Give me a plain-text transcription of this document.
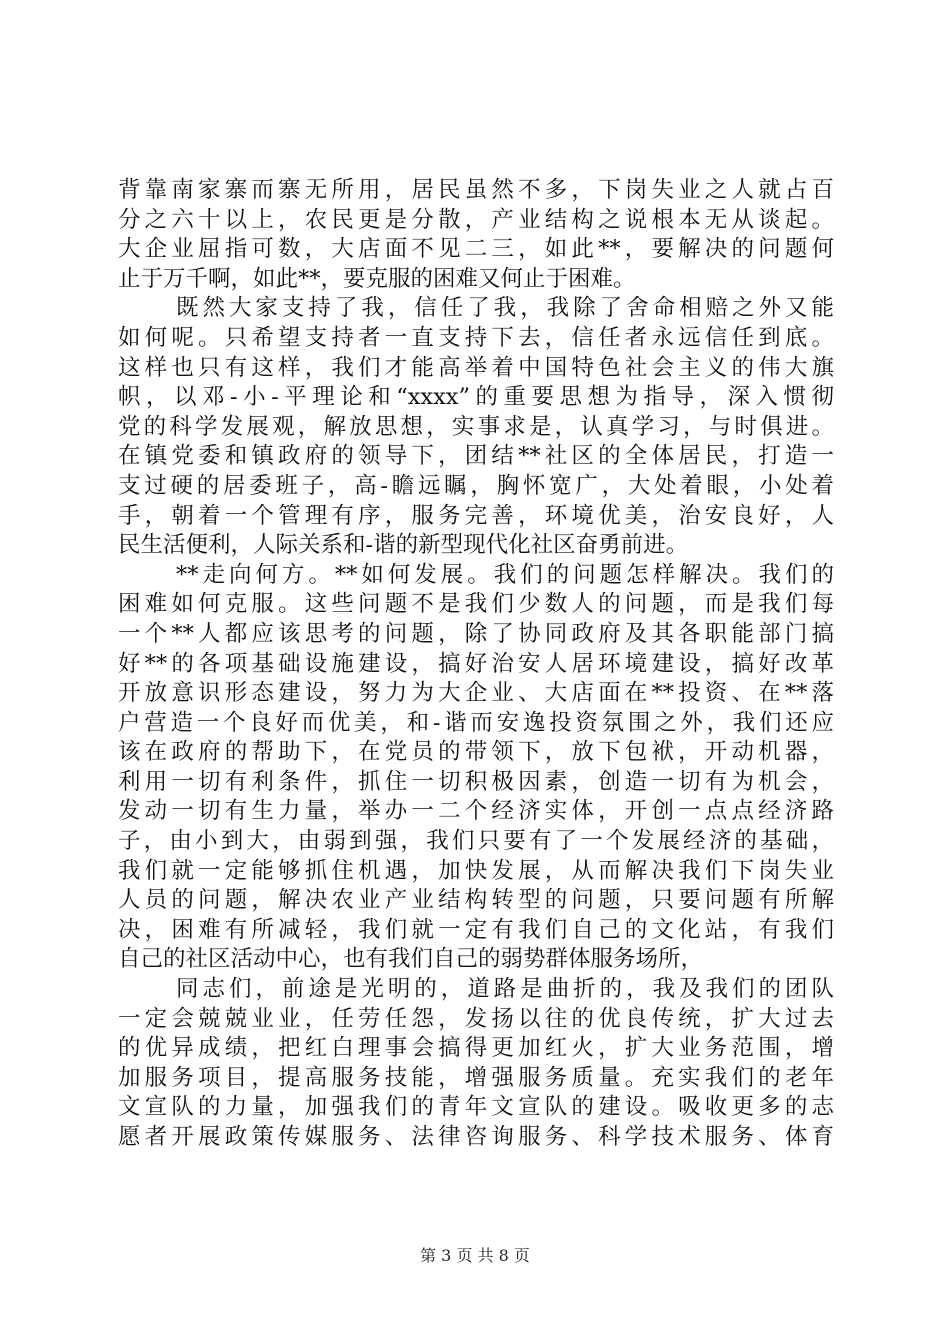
背靠南家寨而寨无所用，居民虽然不多，下岗失业之人就占百
分之六十以上，农民更是分散，产业结构之说根本无从谈起。
大企业屈指可数，大店面不见二三，如此**，要解决的问题何
止于万千啊，如此**，要克服的困难又何止于困难。
既然大家支持了我，信任了我，我除了舍命相赔之外又能
如何呢。只希望支持者一直支持下去，信任者永远信任到底。
这样也只有这样，我们才能高举着中国特色社会主义的伟大旗
帜，以邓-小-平理论和“xxxx”的重要思想为指导，深入惯彻
党的科学发展观，解放思想，实事求是，认真学习，与时俱进。
在镇党委和镇政府的领导下，团结**社区的全体居民，打造一
支过硬的居委班子，高-瞻远瞩，胸怀宽广，大处着眼，小处着
手，朝着一个管理有序，服务完善，环境优美，治安良好，人
民生活便利，人际关系和-谐的新型现代化社区奋勇前进。
**走向何方。**如何发展。我们的问题怎样解决。我们的
困难如何克服。这些问题不是我们少数人的问题，而是我们每
一个**人都应该思考的问题，除了协同政府及其各职能部门搞
好**的各项基础设施建设，搞好治安人居环境建设，搞好改革
开放意识形态建设，努力为大企业、大店面在**投资、在**落
户营造一个良好而优美，和-谐而安逸投资氛围之外，我们还应
该在政府的帮助下，在党员的带领下，放下包袱，开动机器，
利用一切有利条件，抓住一切积极因素，创造一切有为机会，
发动一切有生力量，举办一二个经济实体，开创一点点经济路
子，由小到大，由弱到强，我们只要有了一个发展经济的基础，
我们就一定能够抓住机遇，加快发展，从而解决我们下岗失业
人员的问题，解决农业产业结构转型的问题，只要问题有所解
决，困难有所减轻，我们就一定有我们自己的文化站，有我们
自己的社区活动中心，也有我们自己的弱势群体服务场所，
同志们，前途是光明的，道路是曲折的，我及我们的团队
一定会兢兢业业，任劳任怨，发扬以往的优良传统，扩大过去
的优异成绩，把红白理事会搞得更加红火，扩大业务范围，增
加服务项目，提高服务技能，增强服务质量。充实我们的老年
文宣队的力量，加强我们的青年文宣队的建设。吸收更多的志
愿者开展政策传媒服务、法律咨询服务、科学技术服务、体育
第 3 页 共 8 页
